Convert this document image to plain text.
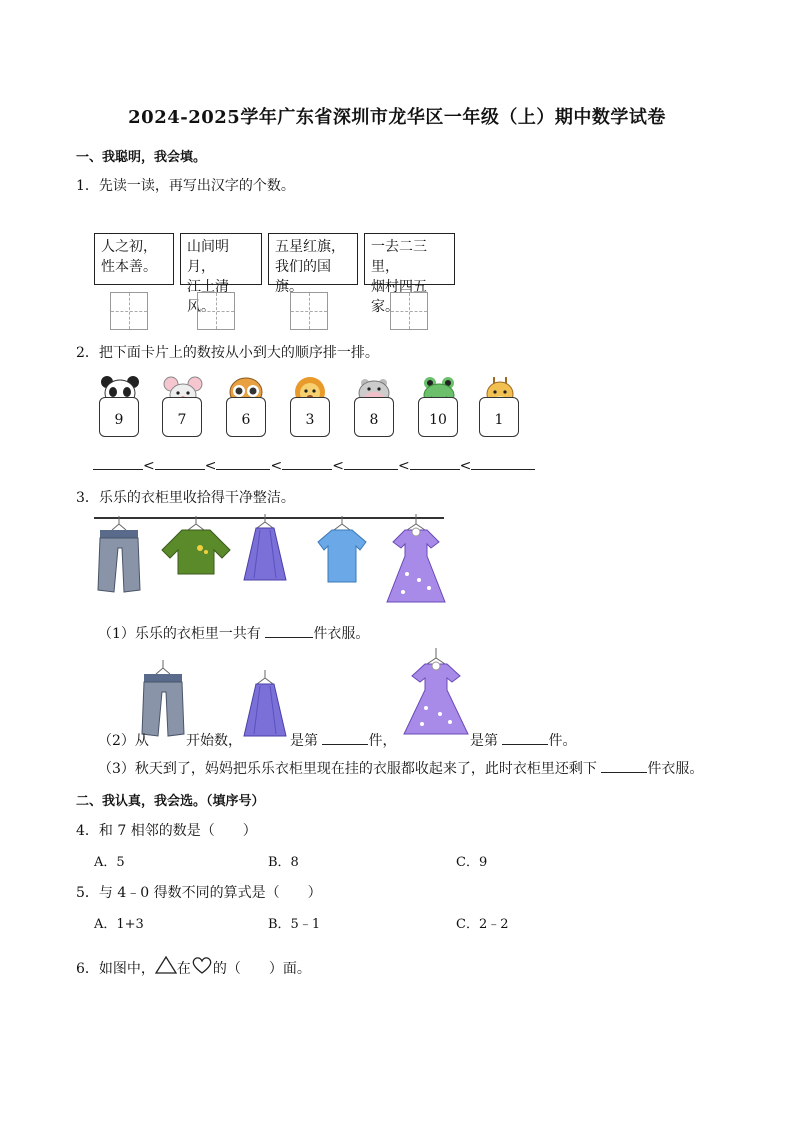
2024-2025学年广东省深圳市龙华区一年级（上）期中数学试卷
一、我聪明，我会填。
1．先读一读，再写出汉字的个数。
人之初，
性本善。
山间明月，
江上清风。
五星红旗，
我们的国旗。
一去二三里，
烟村四五家。
2．把下面卡片上的数按从小到大的顺序排一排。
9	7	6	3	8	10	1
<	<	<	<	<	<
3．乐乐的衣柜里收拾得干净整洁。
（1）乐乐的衣柜里一共有	件衣服。
（2）从	开始数，	是第	件，	是第	件。
（3）秋天到了，妈妈把乐乐衣柜里现在挂的衣服都收起来了，此时衣柜里还剩下	件衣服。
二、我认真，我会选。（填序号）
4．和 7 相邻的数是（　　）
A．5	B．8	C．9
5．与 4﹣0 得数不同的算式是（　　）
A．1+3	B．5﹣1	C．2﹣2
6．如图中， 在 的（　　）面。
